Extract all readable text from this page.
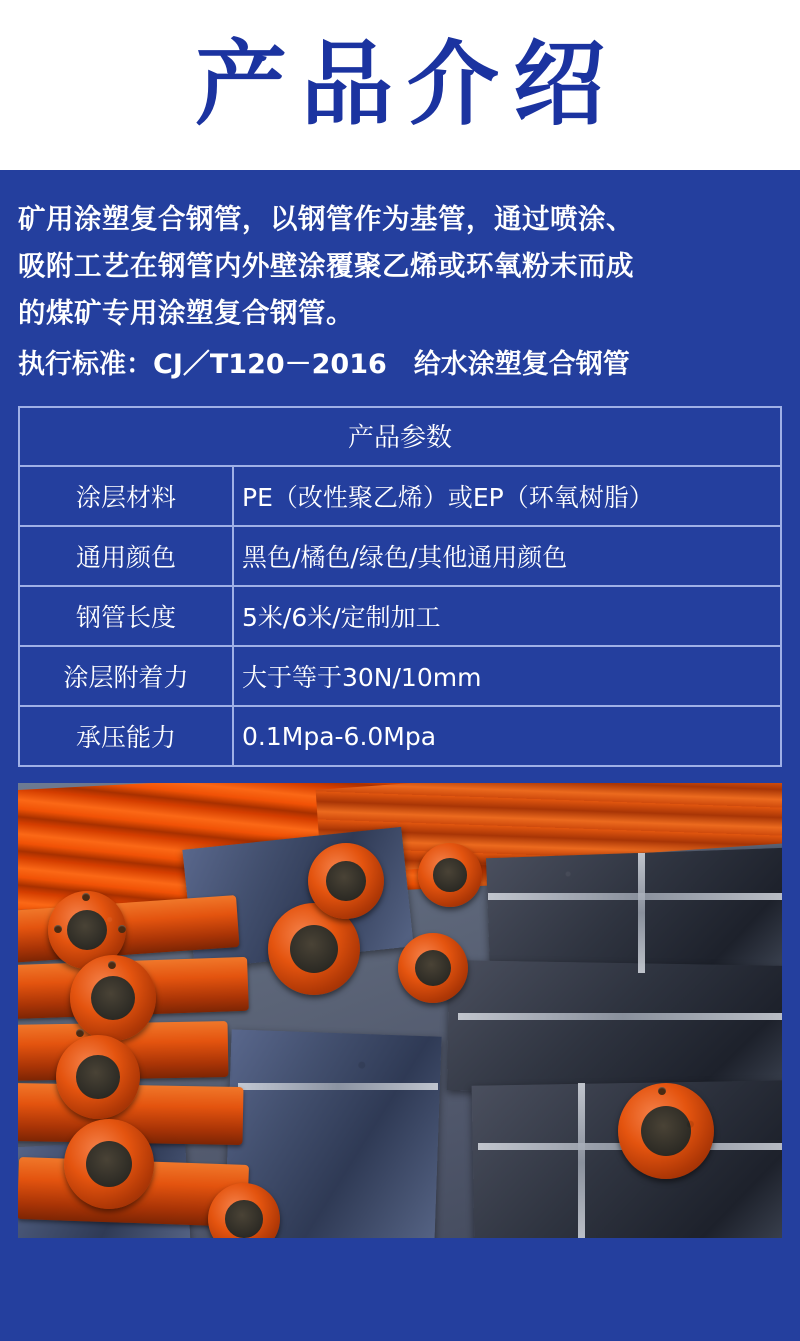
产品介绍

矿用涂塑复合钢管，以钢管作为基管，通过喷涂、

吸附工艺在钢管内外壁涂覆聚乙烯或环氧粉末而成

的煤矿专用涂塑复合钢管。

执行标准：CJ／T120－2016　给水涂塑复合钢管

产品参数	
涂层材料	PE（改性聚乙烯）或EP（环氧树脂）
通用颜色	黑色/橘色/绿色/其他通用颜色
钢管长度	5米/6米/定制加工
涂层附着力	大于等于30N/10mm
承压能力	0.1Mpa-6.0Mpa
